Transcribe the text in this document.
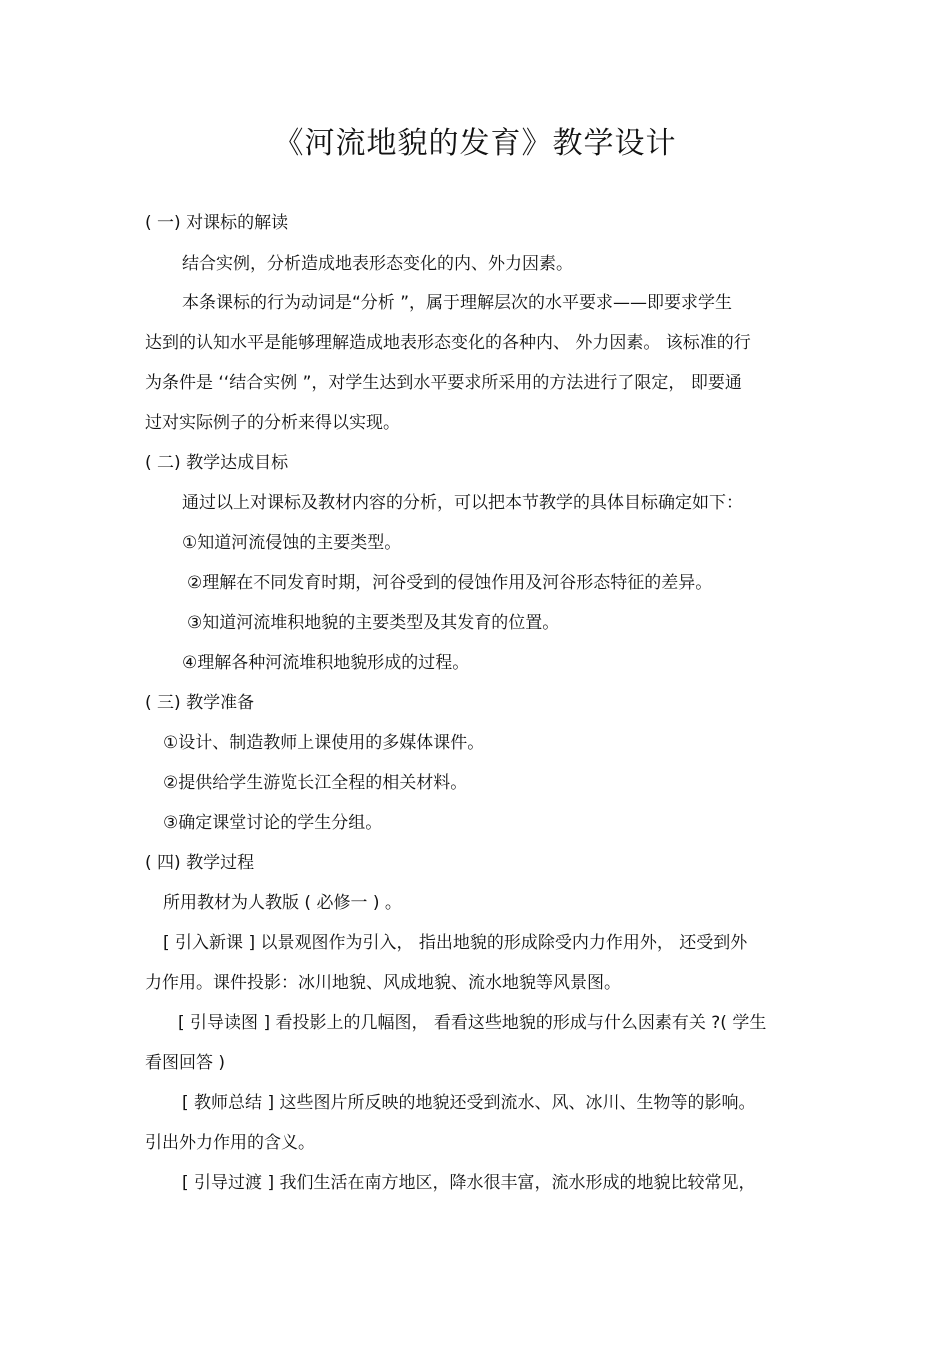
《河流地貌的发育》教学设计
( 一) 对课标的解读
结合实例，分析造成地表形态变化的内、外力因素。
本条课标的行为动词是“分析 ”，属于理解层次的水平要求——即要求学生
达到的认知水平是能够理解造成地表形态变化的各种内、 外力因素。 该标准的行
为条件是 ‘‘结合实例 ”，对学生达到水平要求所采用的方法进行了限定， 即要通
过对实际例子的分析来得以实现。
( 二) 教学达成目标
通过以上对课标及教材内容的分析，可以把本节教学的具体目标确定如下：
①知道河流侵蚀的主要类型。
②理解在不同发育时期，河谷受到的侵蚀作用及河谷形态特征的差异。
③知道河流堆积地貌的主要类型及其发育的位置。
④理解各种河流堆积地貌形成的过程。
( 三) 教学准备
①设计、制造教师上课使用的多媒体课件。
②提供给学生游览长江全程的相关材料。
③确定课堂讨论的学生分组。
( 四) 教学过程
所用教材为人教版 ( 必修一 ) 。
[ 引入新课 ] 以景观图作为引入， 指出地貌的形成除受内力作用外， 还受到外
力作用。课件投影：冰川地貌、风成地貌、流水地貌等风景图。
[ 引导读图 ] 看投影上的几幅图， 看看这些地貌的形成与什么因素有关 ?( 学生
看图回答 )
[ 教师总结 ] 这些图片所反映的地貌还受到流水、风、冰川、生物等的影响。
引出外力作用的含义。
[ 引导过渡 ] 我们生活在南方地区，降水很丰富，流水形成的地貌比较常见，
